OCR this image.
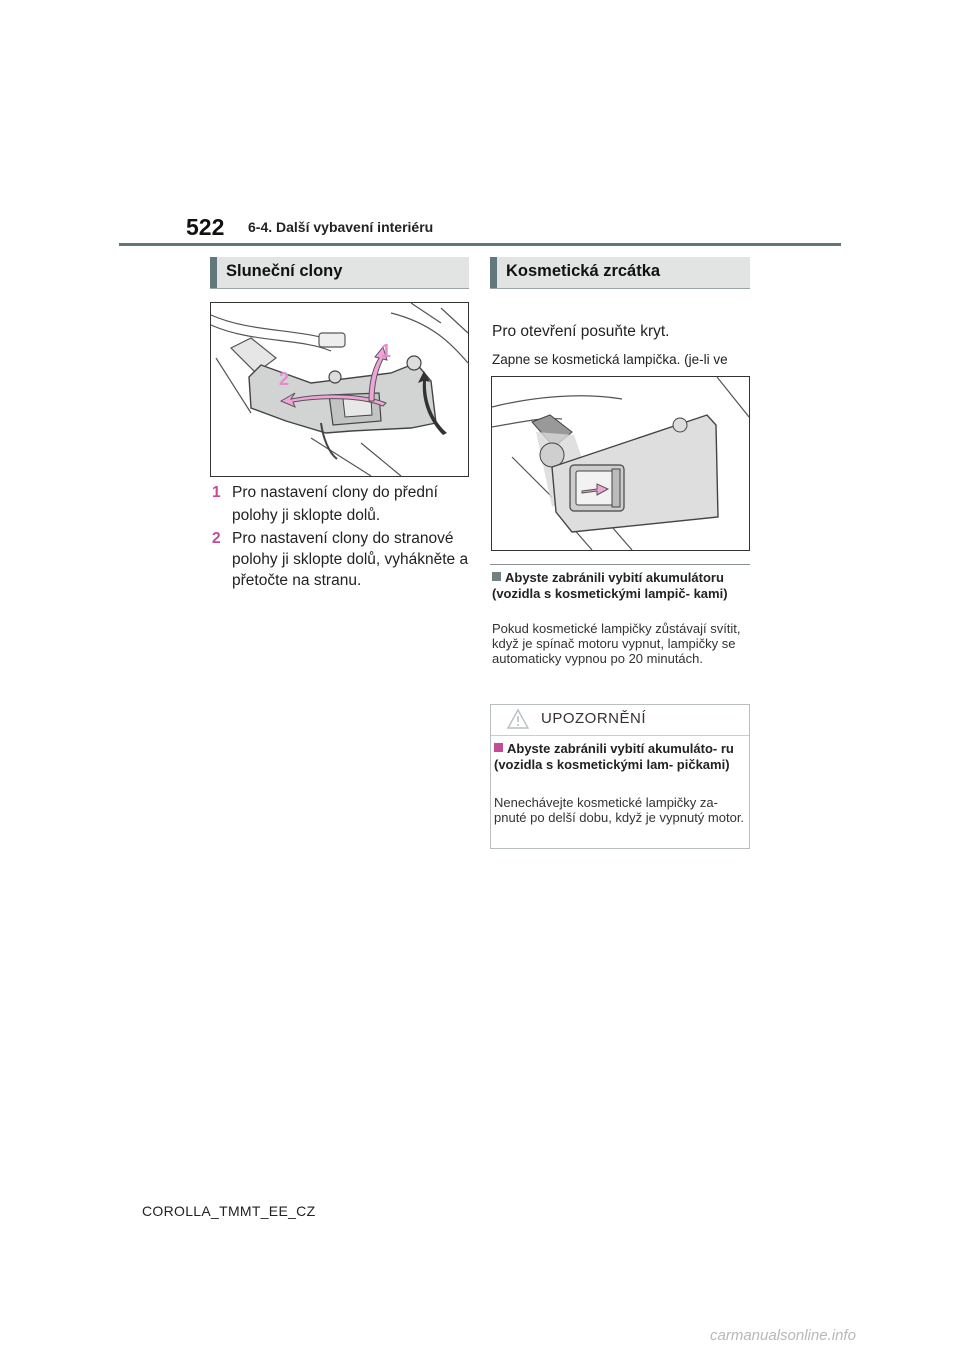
522 6-4. Další vybavení interiéru
Sluneční clony
1
2
1 Pro nastavení clony do přední polohy ji sklopte dolů.
2 Pro nastavení clony do stranové polohy ji sklopte dolů, vyhákněte a přetočte na stranu.
Kosmetická zrcátka
Pro otevření posuňte kryt.
Zapne se kosmetická lampička. (je-li ve
Abyste zabránili vybití akumulátoru (vozidla s kosmetickými lampič- kami)
Pokud kosmetické lampičky zůstávají svítit, když je spínač motoru vypnut, lampičky se automaticky vypnou po 20 minutách.
UPOZORNĚNÍ
Abyste zabránili vybití akumuláto- ru (vozidla s kosmetickými lam- pičkami)
Nenechávejte kosmetické lampičky za- pnuté po delší dobu, když je vypnutý motor.
COROLLA_TMMT_EE_CZ
carmanualsonline.info
